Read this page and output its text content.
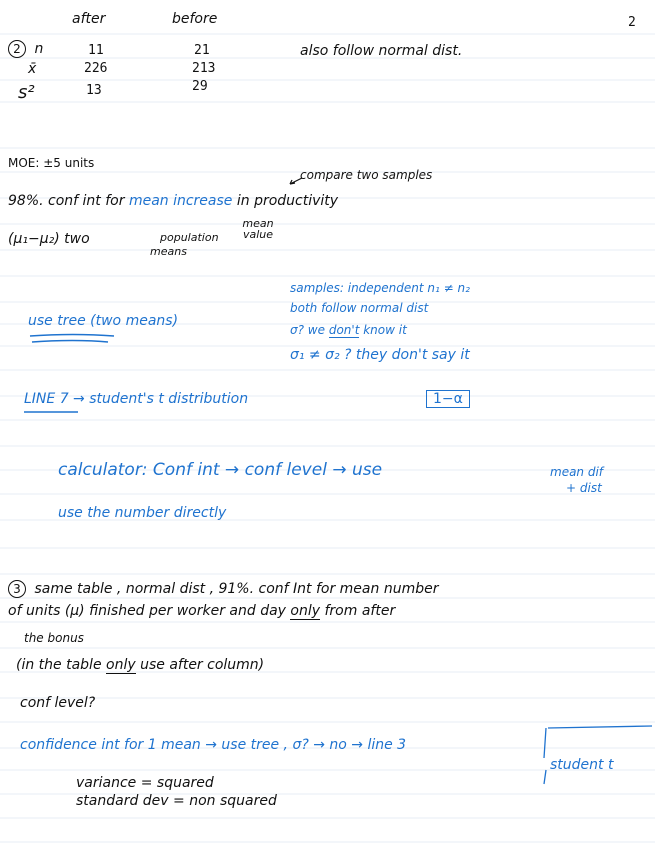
2
after	before
2 n	11	21	also follow normal dist.
x̄	226	213
s²	13	29
MOE: ±5 units
compare two samples
98%. conf int for mean increase in productivity
mean value
(μ₁−μ₂) two	population
means
use tree (two means)
samples: independent n₁ ≠ n₂
both follow normal dist
σ? we don't know it
σ₁ ≠ σ₂ ? they don't say it
LINE 7 → student's t distribution	1−α
calculator: Conf int → conf level → use	mean dif
+ dist
use the number directly
3 same table , normal dist , 91%. conf Int for mean number
of units (μ) finished per worker and day only from after
the bonus
(in the table only use after column)
conf level?
confidence int for 1 mean → use tree , σ? → no → line 3
student t
variance = squared
standard dev = non squared
